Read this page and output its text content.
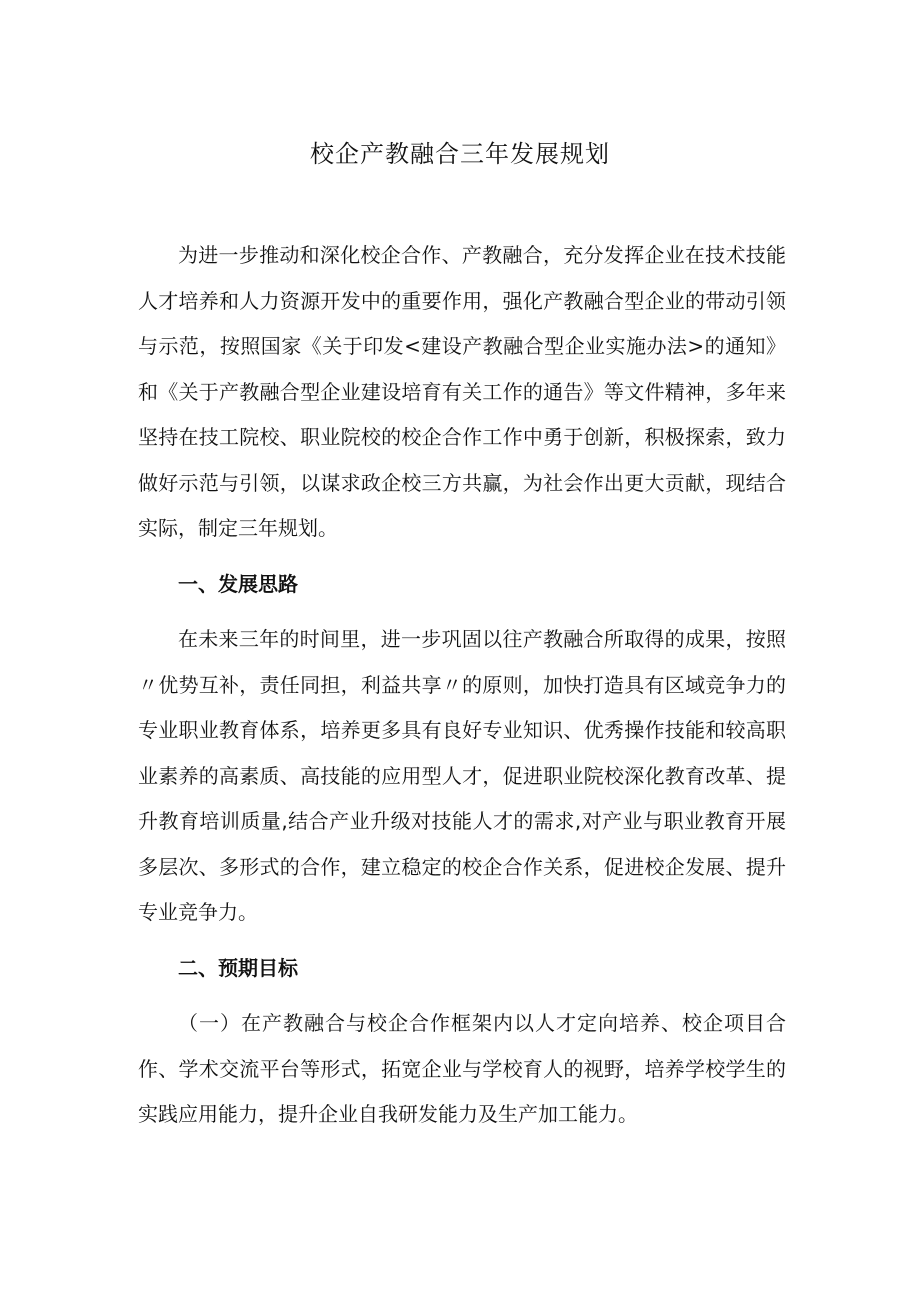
校企产教融合三年发展规划

为进一步推动和深化校企合作、产教融合，充分发挥企业在技术技能人才培养和人力资源开发中的重要作用，强化产教融合型企业的带动引领与示范，按照国家《关于印发<建设产教融合型企业实施办法>的通知》和《关于产教融合型企业建设培育有关工作的通告》等文件精神，多年来坚持在技工院校、职业院校的校企合作工作中勇于创新，积极探索，致力做好示范与引领，以谋求政企校三方共赢，为社会作出更大贡献，现结合实际，制定三年规划。

一、发展思路

在未来三年的时间里，进一步巩固以往产教融合所取得的成果，按照〃优势互补，责任同担，利益共享〃的原则，加快打造具有区域竞争力的专业职业教育体系，培养更多具有良好专业知识、优秀操作技能和较高职业素养的高素质、高技能的应用型人才，促进职业院校深化教育改革、提升教育培训质量,结合产业升级对技能人才的需求,对产业与职业教育开展多层次、多形式的合作，建立稳定的校企合作关系，促进校企发展、提升专业竞争力。

二、预期目标

（一）在产教融合与校企合作框架内以人才定向培养、校企项目合作、学术交流平台等形式，拓宽企业与学校育人的视野，培养学校学生的实践应用能力，提升企业自我研发能力及生产加工能力。
